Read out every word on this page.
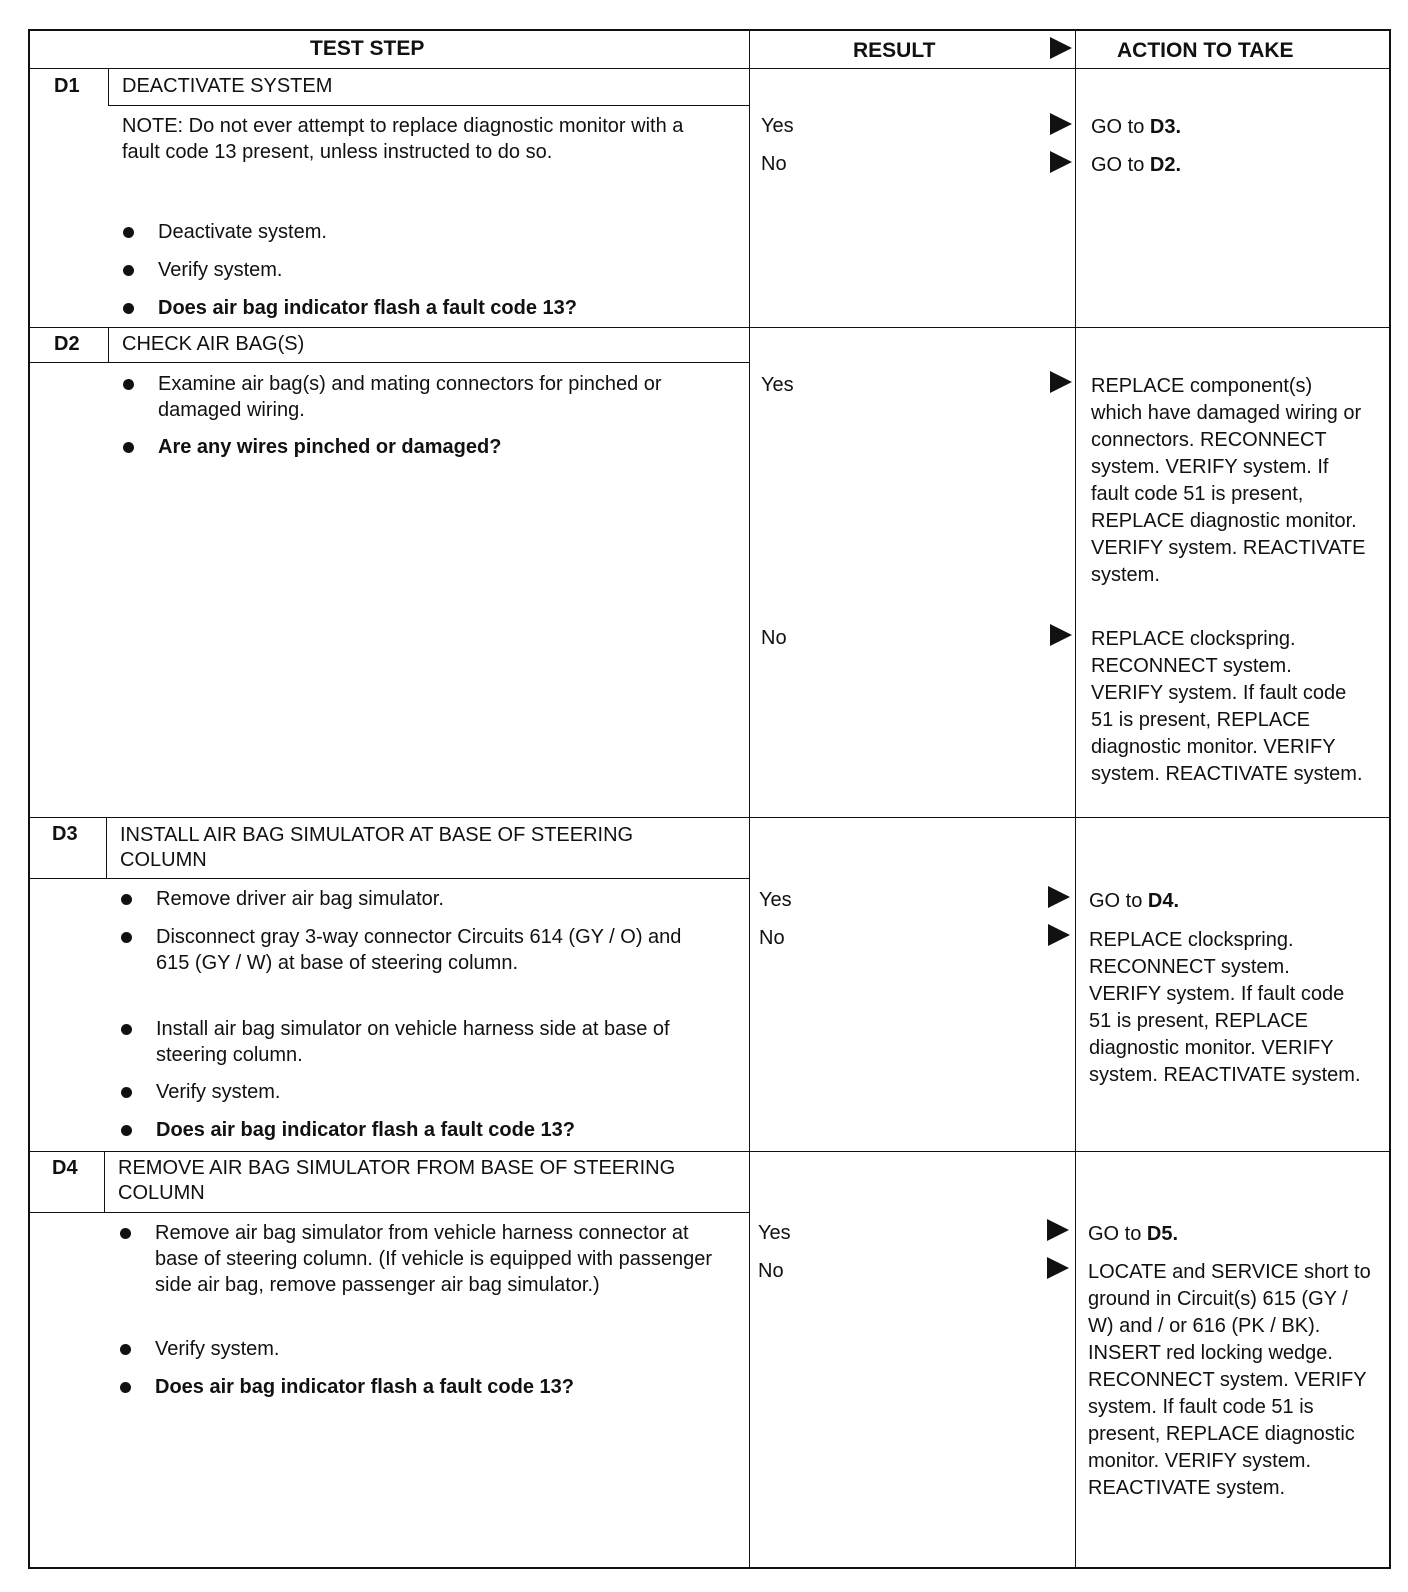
TEST STEP	RESULT	ACTION TO TAKE
D1 DEACTIVATE SYSTEM
NOTE: Do not ever attempt to replace diagnostic monitor with a fault code 13 present, unless instructed to do so.
Deactivate system.
Verify system.
Does air bag indicator flash a fault code 13?
Yes	GO to D3.
No	GO to D2.
D2 CHECK AIR BAG(S)
Examine air bag(s) and mating connectors for pinched or damaged wiring.
Are any wires pinched or damaged?
Yes	REPLACE component(s) which have damaged wiring or connectors. RECONNECT system. VERIFY system. If fault code 51 is present, REPLACE diagnostic monitor. VERIFY system. REACTIVATE system.
No	REPLACE clockspring. RECONNECT system. VERIFY system. If fault code 51 is present, REPLACE diagnostic monitor. VERIFY system. REACTIVATE system.
D3 INSTALL AIR BAG SIMULATOR AT BASE OF STEERING COLUMN
Remove driver air bag simulator.
Disconnect gray 3-way connector Circuits 614 (GY / O) and 615 (GY / W) at base of steering column.
Install air bag simulator on vehicle harness side at base of steering column.
Verify system.
Does air bag indicator flash a fault code 13?
Yes	GO to D4.
No	REPLACE clockspring. RECONNECT system. VERIFY system. If fault code 51 is present, REPLACE diagnostic monitor. VERIFY system. REACTIVATE system.
D4 REMOVE AIR BAG SIMULATOR FROM BASE OF STEERING COLUMN
Remove air bag simulator from vehicle harness connector at base of steering column. (If vehicle is equipped with passenger side air bag, remove passenger air bag simulator.)
Verify system.
Does air bag indicator flash a fault code 13?
Yes	GO to D5.
No	LOCATE and SERVICE short to ground in Circuit(s) 615 (GY / W) and / or 616 (PK / BK). INSERT red locking wedge. RECONNECT system. VERIFY system. If fault code 51 is present, REPLACE diagnostic monitor. VERIFY system. REACTIVATE system.
